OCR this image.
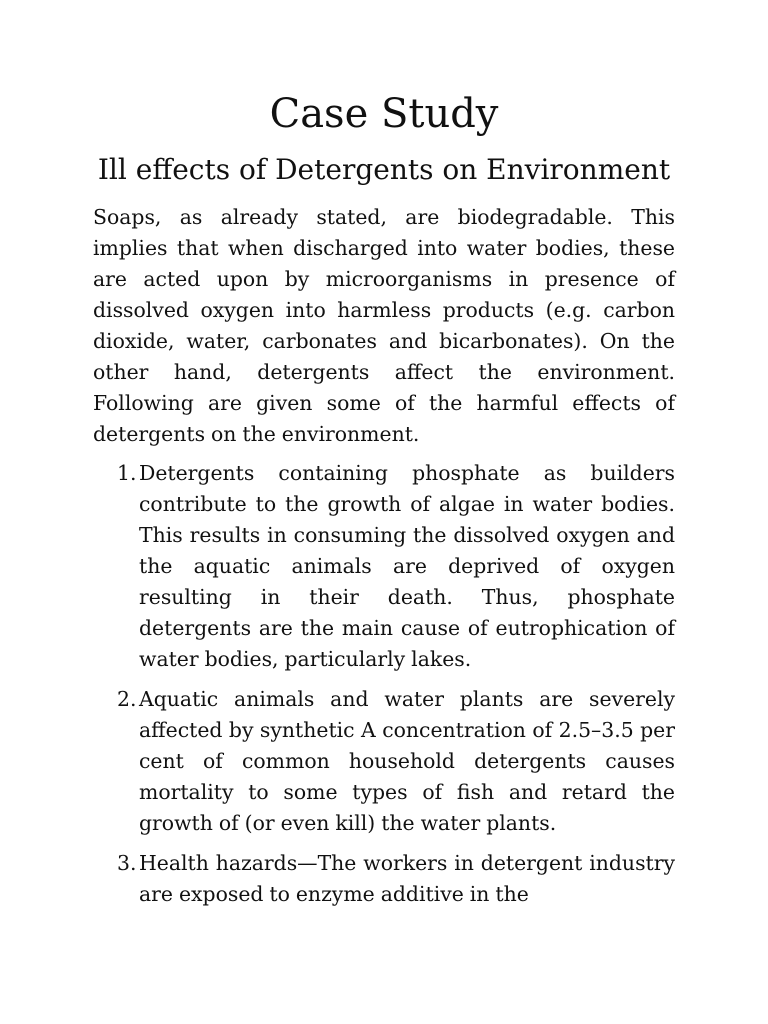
Case Study
Ill effects of Detergents on Environment

Soaps, as already stated, are biodegradable. This implies that when discharged into water bodies, these are acted upon by microorganisms in presence of dissolved oxygen into harmless products (e.g. carbon dioxide, water, carbonates and bicarbonates). On the other hand, detergents affect the environment. Following are given some of the harmful effects of detergents on the environment.

1. Detergents containing phosphate as builders contribute to the growth of algae in water bodies. This results in consuming the dissolved oxygen and the aquatic animals are deprived of oxygen resulting in their death. Thus, phosphate detergents are the main cause of eutrophication of water bodies, particularly lakes.
2. Aquatic animals and water plants are severely affected by synthetic A concentration of 2.5–3.5 per cent of common household detergents causes mortality to some types of fish and retard the growth of (or even kill) the water plants.
3. Health hazards—The workers in detergent industry are exposed to enzyme additive in the
